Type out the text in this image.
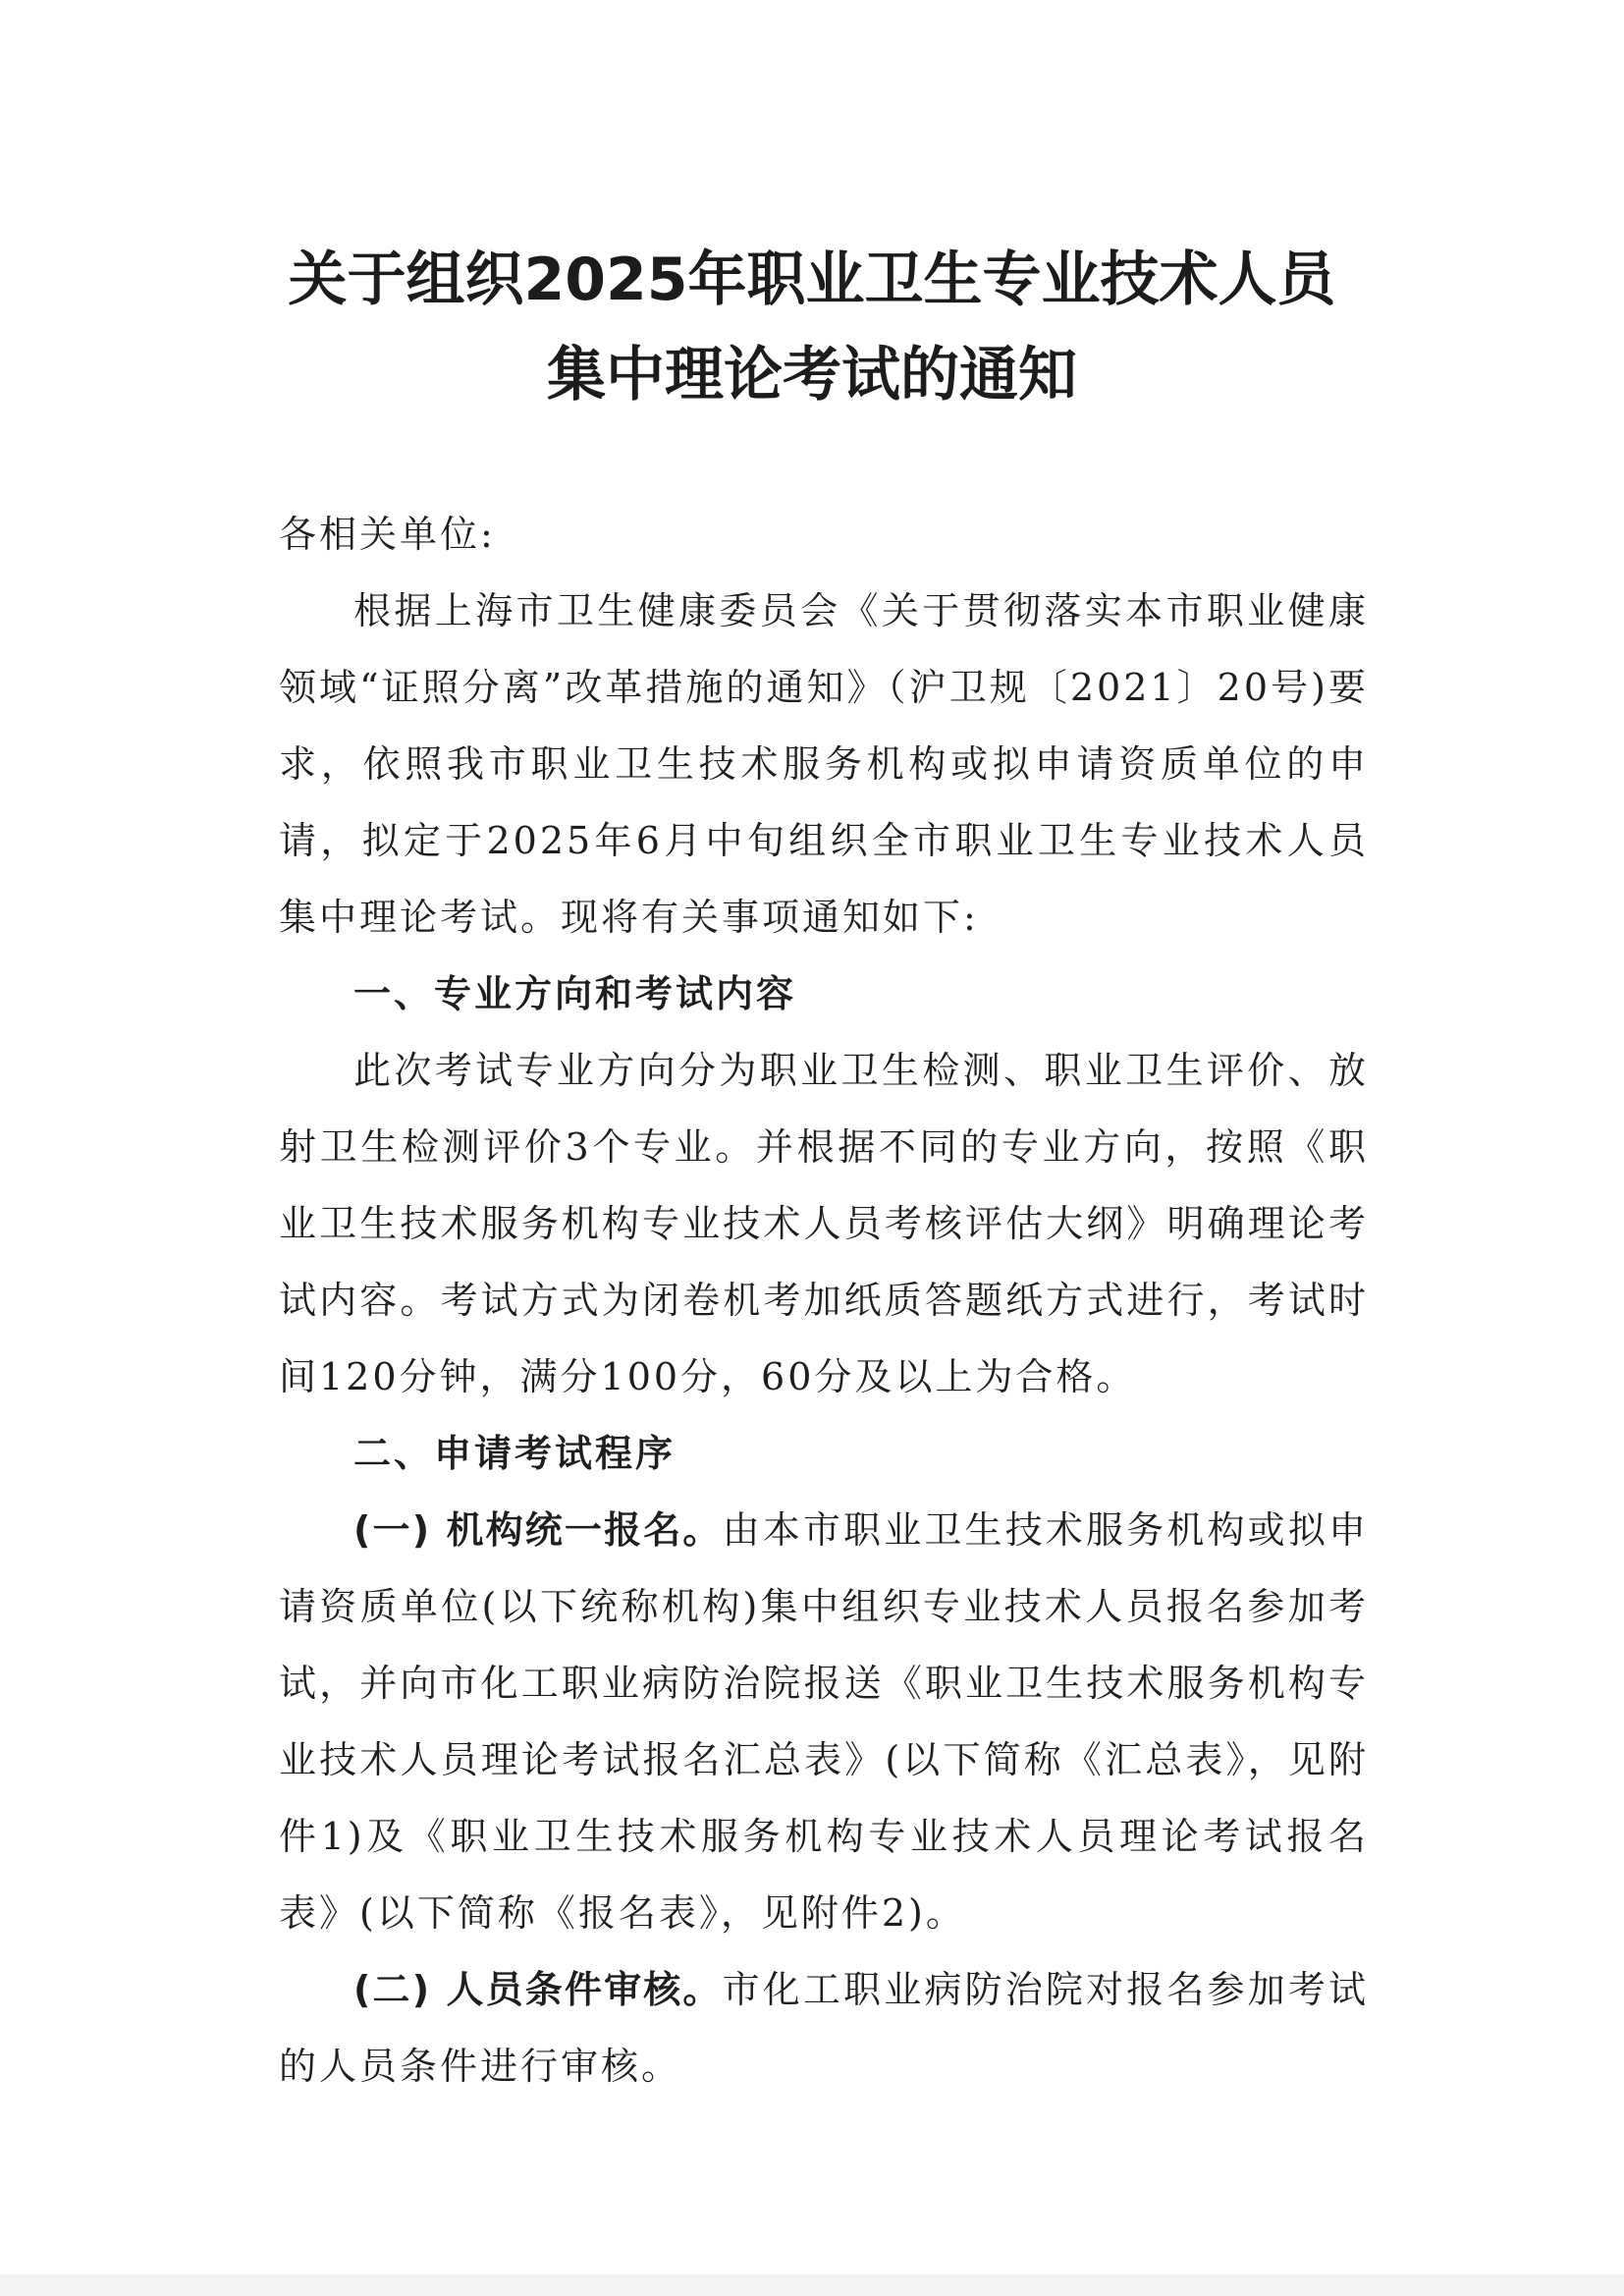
关于组织2025年职业卫生专业技术人员
集中理论考试的通知

各相关单位:

根据上海市卫生健康委员会《关于贯彻落实本市职业健康领域“证照分离”改革措施的通知》（沪卫规〔2021〕20号)要求，依照我市职业卫生技术服务机构或拟申请资质单位的申请，拟定于2025年6月中旬组织全市职业卫生专业技术人员集中理论考试。现将有关事项通知如下:

一、专业方向和考试内容

此次考试专业方向分为职业卫生检测、职业卫生评价、放射卫生检测评价3个专业。并根据不同的专业方向，按照《职业卫生技术服务机构专业技术人员考核评估大纲》明确理论考试内容。考试方式为闭卷机考加纸质答题纸方式进行，考试时间120分钟，满分100分，60分及以上为合格。

二、申请考试程序

(一) 机构统一报名。由本市职业卫生技术服务机构或拟申请资质单位(以下统称机构)集中组织专业技术人员报名参加考试，并向市化工职业病防治院报送《职业卫生技术服务机构专业技术人员理论考试报名汇总表》(以下简称《汇总表》，见附件1)及《职业卫生技术服务机构专业技术人员理论考试报名表》(以下简称《报名表》，见附件2)。

(二) 人员条件审核。市化工职业病防治院对报名参加考试的人员条件进行审核。
